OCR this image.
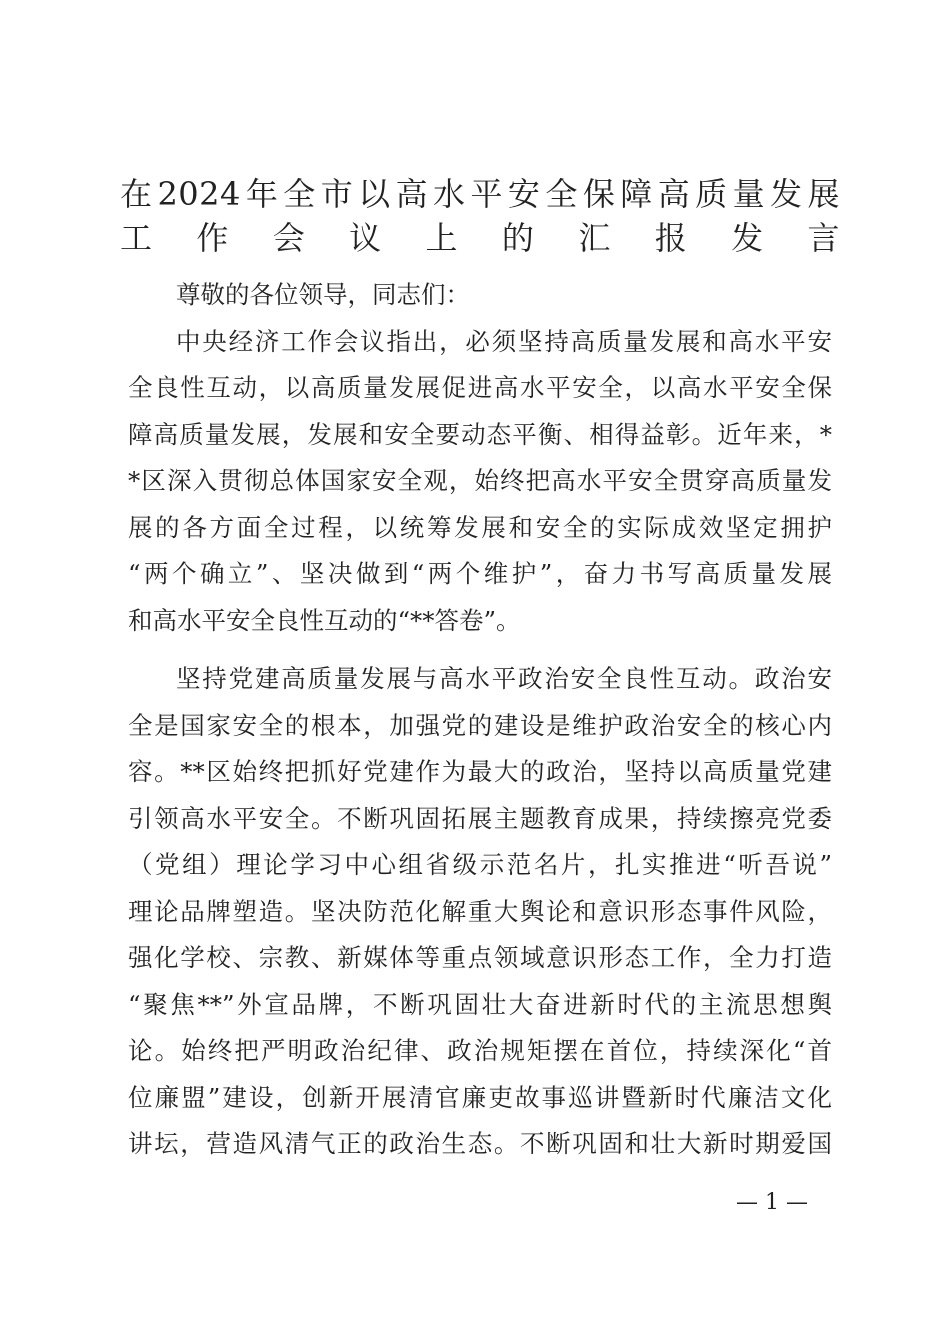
在2024年全市以高水平安全保障高质量发展
工作会议上的汇报发言

尊敬的各位领导，同志们：

中央经济工作会议指出，必须坚持高质量发展和高水平安
全良性互动，以高质量发展促进高水平安全，以高水平安全保
障高质量发展，发展和安全要动态平衡、相得益彰。近年来，*
*区深入贯彻总体国家安全观，始终把高水平安全贯穿高质量发
展的各方面全过程，以统筹发展和安全的实际成效坚定拥护
“两个确立”、坚决做到“两个维护”，奋力书写高质量发展
和高水平安全良性互动的“**答卷”。

坚持党建高质量发展与高水平政治安全良性互动。政治安
全是国家安全的根本，加强党的建设是维护政治安全的核心内
容。**区始终把抓好党建作为最大的政治，坚持以高质量党建
引领高水平安全。不断巩固拓展主题教育成果，持续擦亮党委
（党组）理论学习中心组省级示范名片，扎实推进“听吾说”
理论品牌塑造。坚决防范化解重大舆论和意识形态事件风险，
强化学校、宗教、新媒体等重点领域意识形态工作，全力打造
“聚焦**”外宣品牌，不断巩固壮大奋进新时代的主流思想舆
论。始终把严明政治纪律、政治规矩摆在首位，持续深化“首
位廉盟”建设，创新开展清官廉吏故事巡讲暨新时代廉洁文化
讲坛，营造风清气正的政治生态。不断巩固和壮大新时期爱国

— 1 —
